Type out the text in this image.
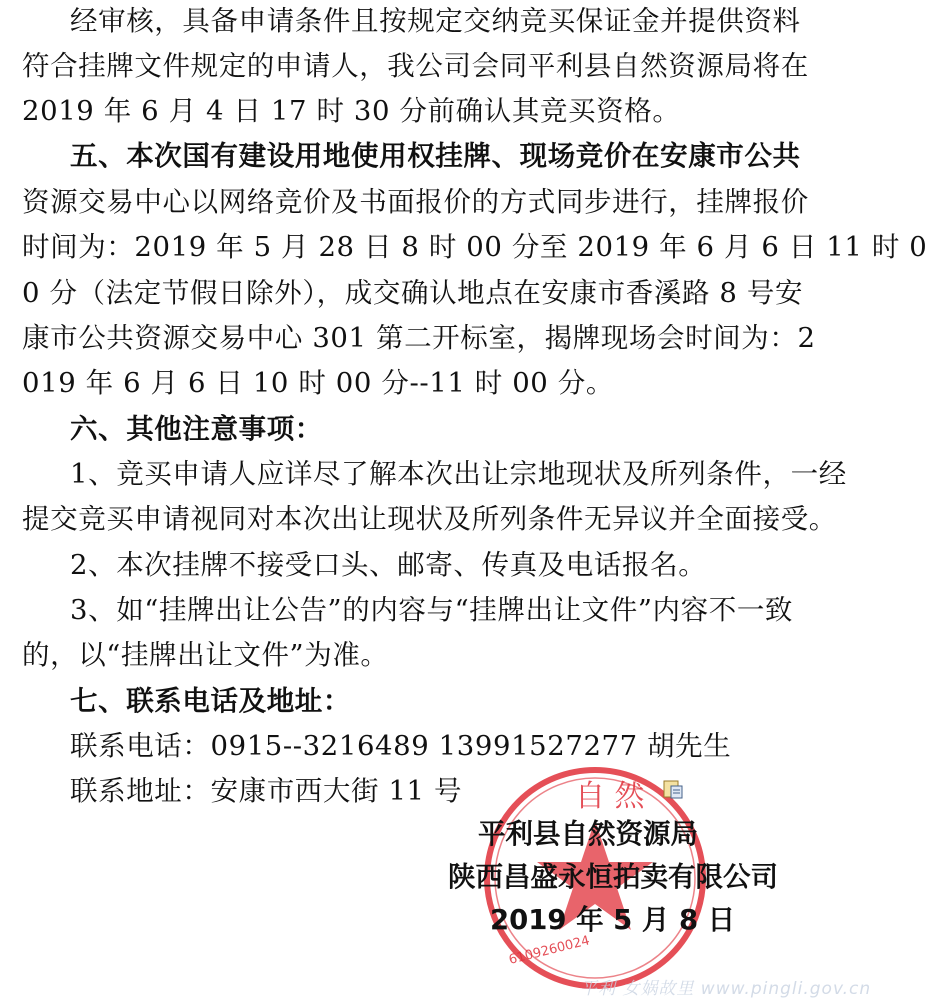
经审核，具备申请条件且按规定交纳竞买保证金并提供资料
符合挂牌文件规定的申请人，我公司会同平利县自然资源局将在
2019 年 6 月 4 日 17 时 30 分前确认其竞买资格。
五、本次国有建设用地使用权挂牌、现场竞价在安康市公共
资源交易中心以网络竞价及书面报价的方式同步进行，挂牌报价
时间为：2019 年 5 月 28 日 8 时 00 分至 2019 年 6 月 6 日 11 时 0
0 分（法定节假日除外），成交确认地点在安康市香溪路 8 号安
康市公共资源交易中心 301 第二开标室，揭牌现场会时间为：2
019 年 6 月 6 日 10 时 00 分--11 时 00 分。
六、其他注意事项：
1、竞买申请人应详尽了解本次出让宗地现状及所列条件，一经
提交竞买申请视同对本次出让现状及所列条件无异议并全面接受。
2、本次挂牌不接受口头、邮寄、传真及电话报名。
3、如“挂牌出让公告”的内容与“挂牌出让文件”内容不一致
的，以“挂牌出让文件”为准。
七、联系电话及地址：
联系电话：0915--3216489 13991527277 胡先生
联系地址：安康市西大街 11 号	自 然
6109260024
平利县自然资源局
陕西昌盛永恒拍卖有限公司
2019 年 5 月 8 日
平利 女娲故里 www.pingli.gov.cn
